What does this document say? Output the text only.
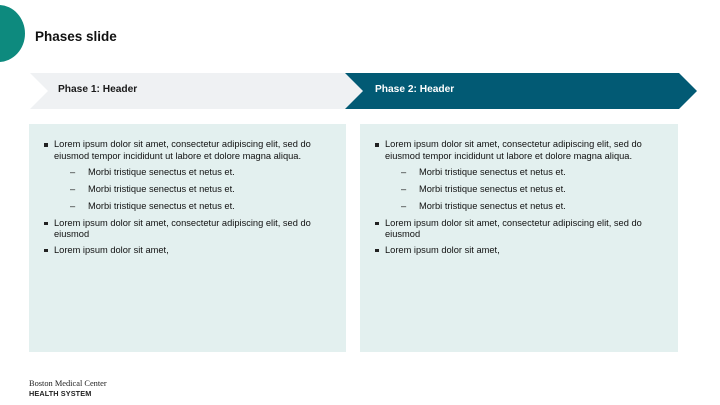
Phases slide
Phase 1: Header	Phase 2: Header
Lorem ipsum dolor sit amet, consectetur adipiscing elit, sed do eiusmod tempor incididunt ut labore et dolore magna aliqua.
– Morbi tristique senectus et netus et.
– Morbi tristique senectus et netus et.
– Morbi tristique senectus et netus et.
Lorem ipsum dolor sit amet, consectetur adipiscing elit, sed do eiusmod
Lorem ipsum dolor sit amet,
Lorem ipsum dolor sit amet, consectetur adipiscing elit, sed do eiusmod tempor incididunt ut labore et dolore magna aliqua.
– Morbi tristique senectus et netus et.
– Morbi tristique senectus et netus et.
– Morbi tristique senectus et netus et.
Lorem ipsum dolor sit amet, consectetur adipiscing elit, sed do eiusmod
Lorem ipsum dolor sit amet,
Boston Medical Center
HEALTH SYSTEM
